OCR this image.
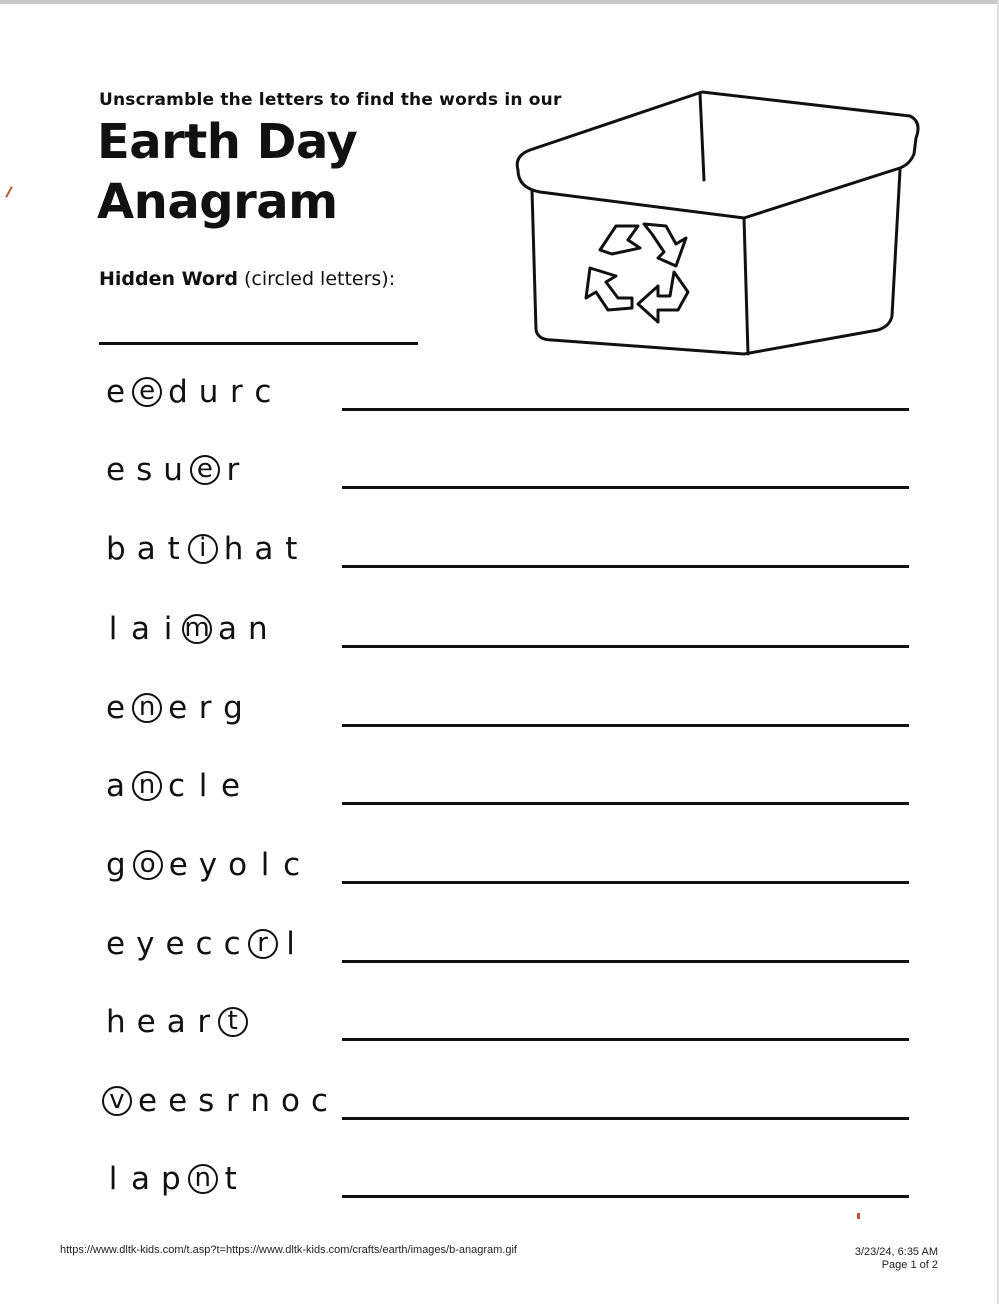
Unscramble the letters to find the words in our
Earth Day
Anagram
Hidden Word (circled letters):
e e d u r c
e s u e r
b a t i h a t
l a i m a n
e n e r g
a n c l e
g o e y o l c
e y e c c r l
h e a r t
v e e s r n o c
l a p n t
https://www.dltk-kids.com/t.asp?t=https://www.dltk-kids.com/crafts/earth/images/b-anagram.gif	3/23/24, 6:35 AM
Page 1 of 2
